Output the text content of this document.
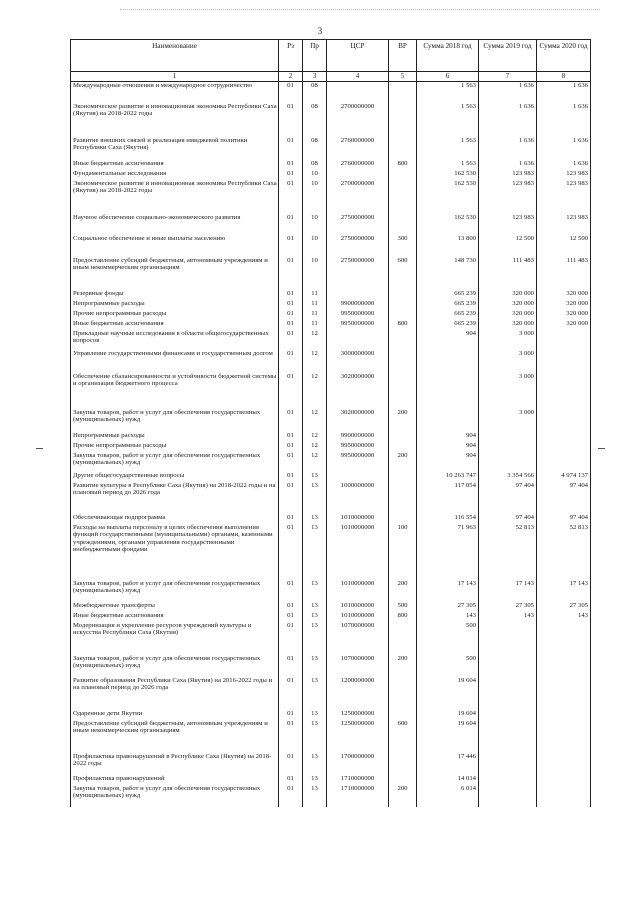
3
Наименование	Рз	Пр	ЦСР	ВР	Сумма 2018 год	Сумма 2019 год	Сумма 2020 год
1	2	3	4	5	6	7	8
Международные отношения и международное сотрудничество	01	08			1 563	1 636	1 636
Экономическое развитие и инновационная экономика Республики Саха (Якутия) на 2018-2022 годы	01	08	2700000000		1 563	1 636	1 636
Развитие внешних связей и реализация имиджевой политики Республики Саха (Якутия)	01	08	2760000000		1 563	1 636	1 636
Иные бюджетные ассигнования	01	08	2760000000	800	1 563	1 636	1 636
Фундаментальные исследования	01	10			162 530	123 983	123 983
Экономическое развитие и инновационная экономика Республики Саха (Якутия) на 2018-2022 годы	01	10	2700000000		162 530	123 983	123 983
Научное обеспечение социально-экономического развития	01	10	2750000000		162 530	123 983	123 983
Социальное обеспечение и иные выплаты населению	01	10	2750000000	300	13 800	12 500	12 500
Предоставление субсидий бюджетным, автономным учреждениям и иным некоммерческим организациям	01	10	2750000000	600	148 730	111 483	111 483
Резервные фонды	01	11			665 239	320 000	320 000
Непрограммные расходы	01	11	9900000000		665 239	320 000	320 000
Прочие непрограммные расходы	01	11	9950000000		665 239	320 000	320 000
Иные бюджетные ассигнования	01	11	9950000000	800	665 239	320 000	320 000
Прикладные научные исследования в области общегосударственных вопросов	01	12			904	3 000	
Управление государственными финансами и государственным долгом	01	12	3000000000			3 000	
Обеспечение сбалансированности и устойчивости бюджетной системы и организация бюджетного процесса	01	12	3020000000			3 000	
Закупка товаров, работ и услуг для обеспечения государственных (муниципальных) нужд	01	12	3020000000	200		3 000	
Непрограммные расходы	01	12	9900000000		904		
Прочие непрограммные расходы	01	12	9950000000		904		
Закупка товаров, работ и услуг для обеспечения государственных (муниципальных) нужд	01	12	9950000000	200	904		
Другие общегосударственные вопросы	01	13			10 263 747	3 354 566	4 974 137
Развитие культуры в Республике Саха (Якутия) на 2018-2022 годы и на плановый период до 2026 года	01	13	1000000000		117 054	97 404	97 404
Обеспечивающая подпрограмма	01	13	1010000000		116 554	97 404	97 404
Расходы на выплаты персоналу в целях обеспечения выполнения функций государственными (муниципальными) органами, казенными учреждениями, органами управления государственными внебюджетными фондами	01	13	1010000000	100	71 963	52 813	52 813
Закупка товаров, работ и услуг для обеспечения государственных (муниципальных) нужд	01	13	1010000000	200	17 143	17 143	17 143
Межбюджетные трансферты	01	13	1010000000	500	27 305	27 305	27 305
Иные бюджетные ассигнования	01	13	1010000000	800	143	143	143
Модернизация и укрепление ресурсов учреждений культуры и искусства Республики Саха (Якутия)	01	13	1070000000		500		
Закупка товаров, работ и услуг для обеспечения государственных (муниципальных) нужд	01	13	1070000000	200	500		
Развитие образования Республики Саха (Якутия) на 2016-2022 годы и на плановый период до 2026 года	01	13	1200000000		19 604		
Одаренные дети Якутии	01	13	1250000000		19 604		
Предоставление субсидий бюджетным, автономным учреждениям и иным некоммерческим организациям	01	13	1250000000	600	19 604		
Профилактика правонарушений в Республике Саха (Якутия) на 2018-2022 годы	01	13	1700000000		17 446		
Профилактика правонарушений	01	13	1710000000		14 014		
Закупка товаров, работ и услуг для обеспечения государственных (муниципальных) нужд	01	13	1710000000	200	6 014		
